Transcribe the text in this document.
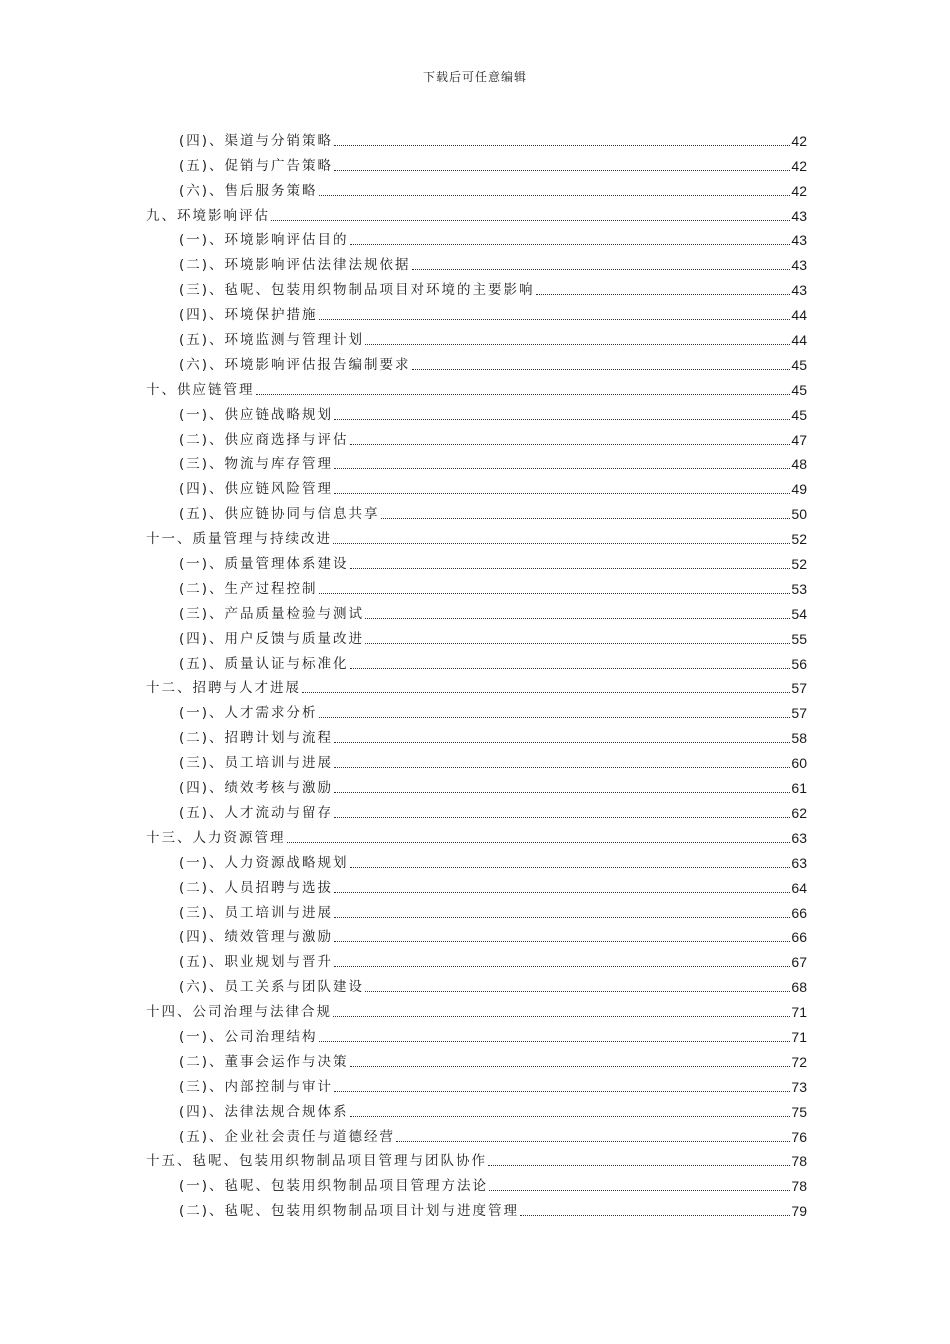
下载后可任意编辑
(四)、渠道与分销策略	42
(五)、促销与广告策略	42
(六)、售后服务策略	42
九、环境影响评估	43
(一)、环境影响评估目的	43
(二)、环境影响评估法律法规依据	43
(三)、毡呢、包装用织物制品项目对环境的主要影响	43
(四)、环境保护措施	44
(五)、环境监测与管理计划	44
(六)、环境影响评估报告编制要求	45
十、供应链管理	45
(一)、供应链战略规划	45
(二)、供应商选择与评估	47
(三)、物流与库存管理	48
(四)、供应链风险管理	49
(五)、供应链协同与信息共享	50
十一、质量管理与持续改进	52
(一)、质量管理体系建设	52
(二)、生产过程控制	53
(三)、产品质量检验与测试	54
(四)、用户反馈与质量改进	55
(五)、质量认证与标准化	56
十二、招聘与人才进展	57
(一)、人才需求分析	57
(二)、招聘计划与流程	58
(三)、员工培训与进展	60
(四)、绩效考核与激励	61
(五)、人才流动与留存	62
十三、人力资源管理	63
(一)、人力资源战略规划	63
(二)、人员招聘与选拔	64
(三)、员工培训与进展	66
(四)、绩效管理与激励	66
(五)、职业规划与晋升	67
(六)、员工关系与团队建设	68
十四、公司治理与法律合规	71
(一)、公司治理结构	71
(二)、董事会运作与决策	72
(三)、内部控制与审计	73
(四)、法律法规合规体系	75
(五)、企业社会责任与道德经营	76
十五、毡呢、包装用织物制品项目管理与团队协作	78
(一)、毡呢、包装用织物制品项目管理方法论	78
(二)、毡呢、包装用织物制品项目计划与进度管理	79
